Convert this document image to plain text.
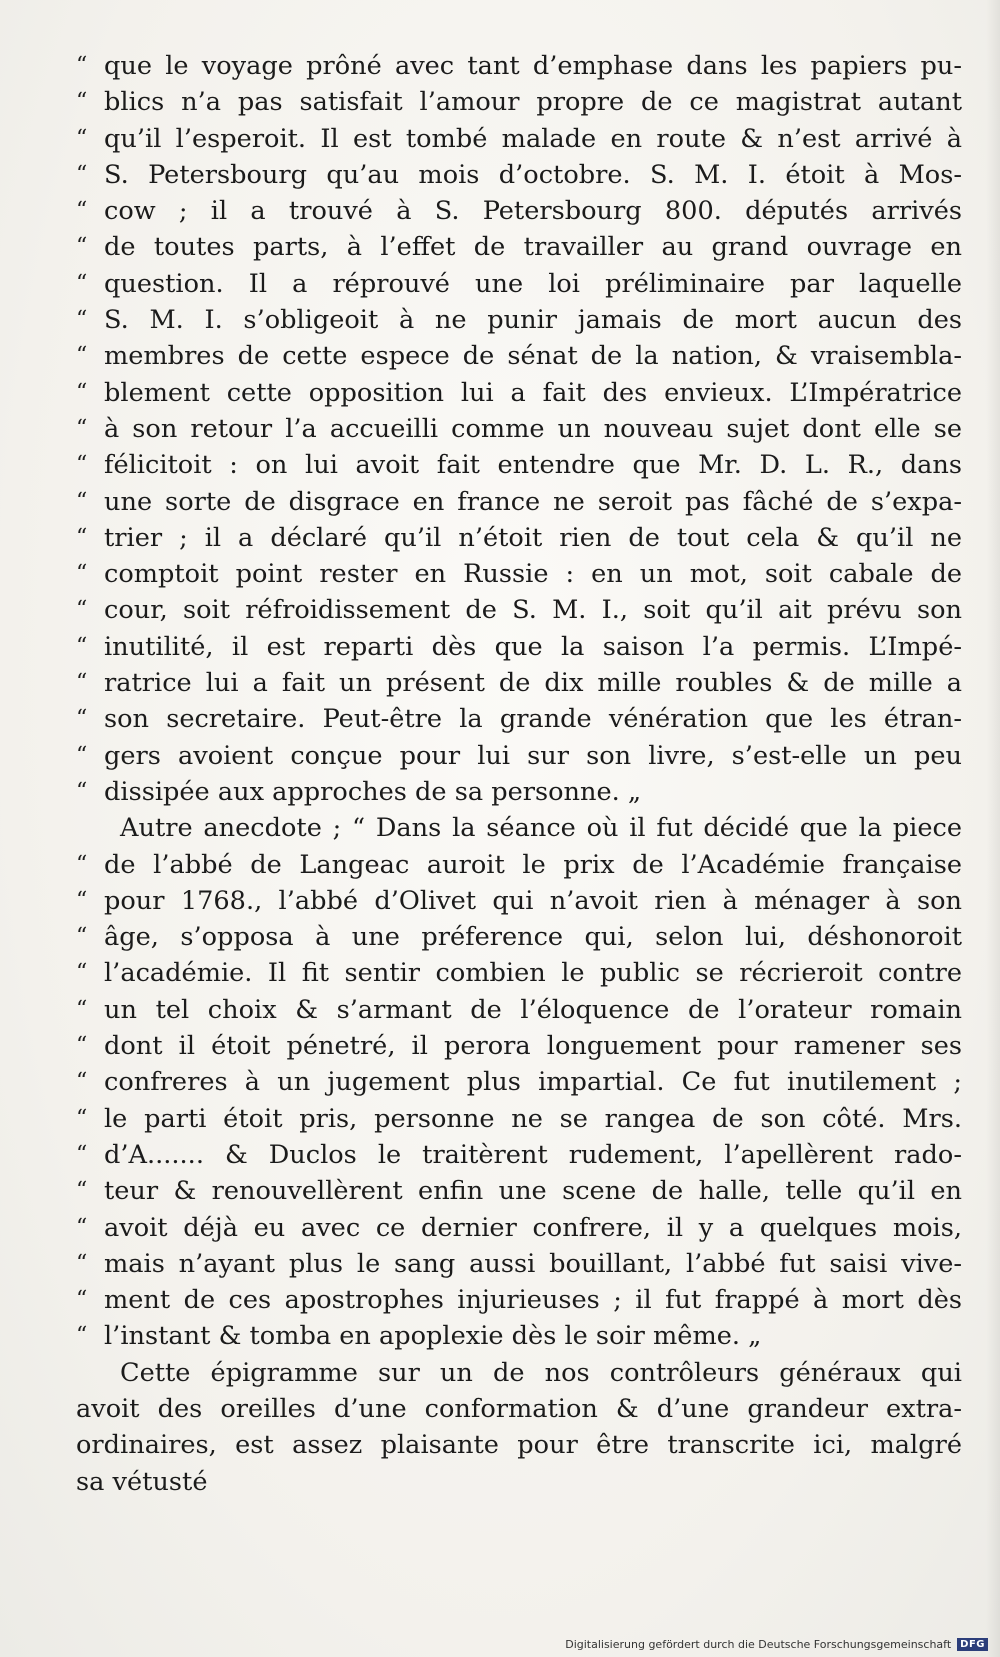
“ que le voyage prôné avec tant d’emphase dans les papiers pu-
“ blics n’a pas satisfait l’amour propre de ce magistrat autant
“ qu’il l’esperoit. Il est tombé malade en route & n’est arrivé à
“ S. Petersbourg qu’au mois d’octobre. S. M. I. étoit à Mos-
“ cow ; il a trouvé à S. Petersbourg 800. députés arrivés
“ de toutes parts, à l’effet de travailler au grand ouvrage en
“ question. Il a réprouvé une loi préliminaire par laquelle
“ S. M. I. s’obligeoit à ne punir jamais de mort aucun des
“ membres de cette espece de sénat de la nation, & vraisembla-
“ blement cette opposition lui a fait des envieux. L’Impératrice
“ à son retour l’a accueilli comme un nouveau sujet dont elle se
“ félicitoit : on lui avoit fait entendre que Mr. D. L. R., dans
“ une sorte de disgrace en france ne seroit pas fâché de s’expa-
“ trier ; il a déclaré qu’il n’étoit rien de tout cela & qu’il ne
“ comptoit point rester en Russie : en un mot, soit cabale de
“ cour, soit réfroidissement de S. M. I., soit qu’il ait prévu son
“ inutilité, il est reparti dès que la saison l’a permis. L’Impé-
“ ratrice lui a fait un présent de dix mille roubles & de mille a
“ son secretaire. Peut-être la grande vénération que les étran-
“ gers avoient conçue pour lui sur son livre, s’est-elle un peu
“ dissipée aux approches de sa personne. „
Autre anecdote ; “ Dans la séance où il fut décidé que la piece
“ de l’abbé de Langeac auroit le prix de l’Académie française
“ pour 1768., l’abbé d’Olivet qui n’avoit rien à ménager à son
“ âge, s’opposa à une préference qui, selon lui, déshonoroit
“ l’académie. Il fit sentir combien le public se récrieroit contre
“ un tel choix & s’armant de l’éloquence de l’orateur romain
“ dont il étoit pénetré, il perora longuement pour ramener ses
“ confreres à un jugement plus impartial. Ce fut inutilement ;
“ le parti étoit pris, personne ne se rangea de son côté. Mrs.
“ d’A....... & Duclos le traitèrent rudement, l’apellèrent rado-
“ teur & renouvellèrent enfin une scene de halle, telle qu’il en
“ avoit déjà eu avec ce dernier confrere, il y a quelques mois,
“ mais n’ayant plus le sang aussi bouillant, l’abbé fut saisi vive-
“ ment de ces apostrophes injurieuses ; il fut frappé à mort dès
“ l’instant & tomba en apoplexie dès le soir même. „
Cette épigramme sur un de nos contrôleurs généraux qui
avoit des oreilles d’une conformation & d’une grandeur extra-
ordinaires, est assez plaisante pour être transcrite ici, malgré
sa vétusté
Digitalisierung gefördert durch die Deutsche Forschungsgemeinschaft DFG
